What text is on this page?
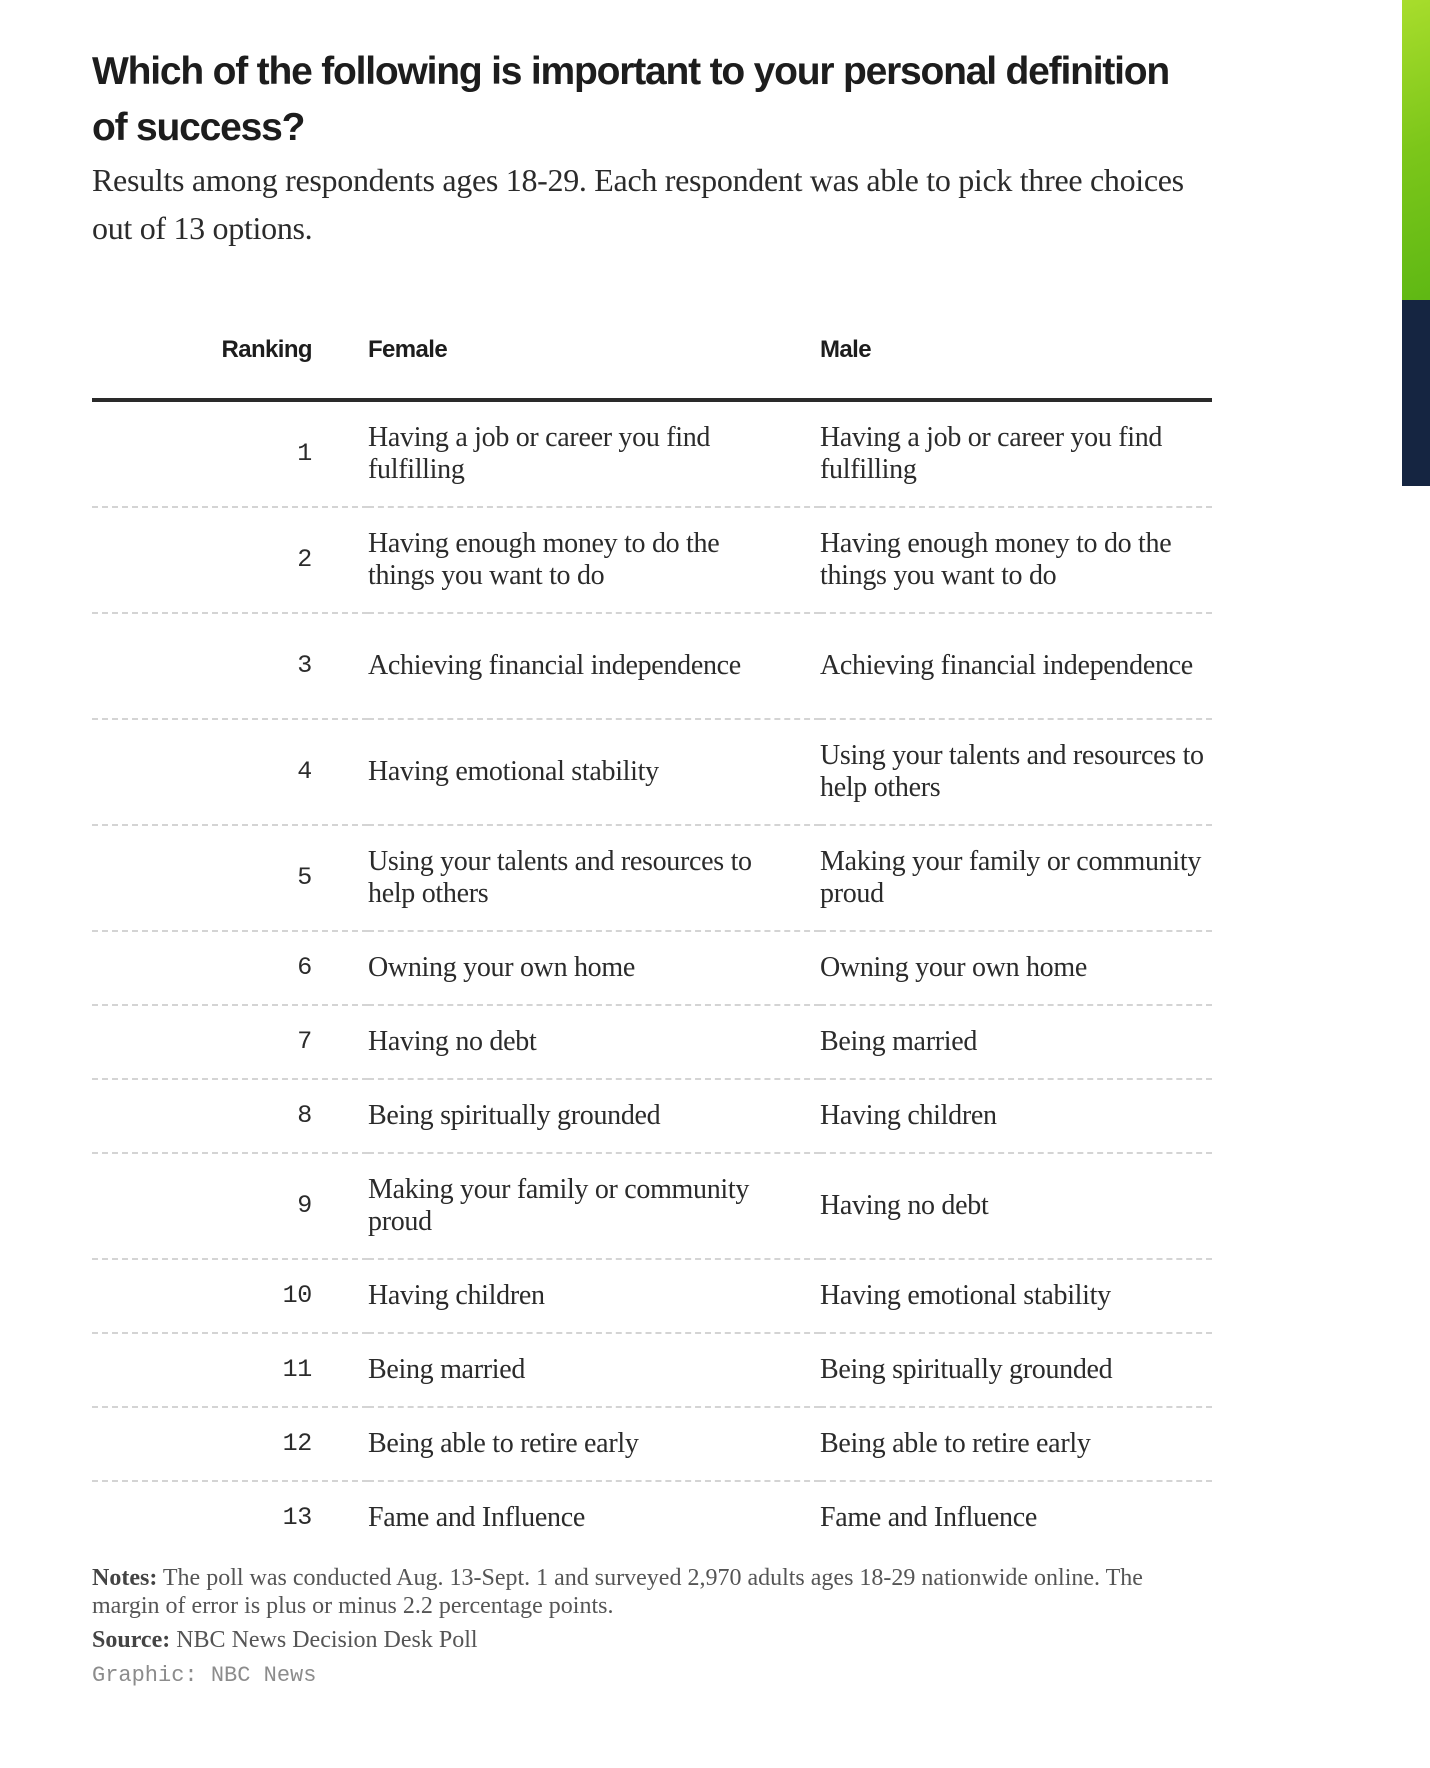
Which of the following is important to your personal definition of success?

Results among respondents ages 18-29. Each respondent was able to pick three choices out of 13 options.

Ranking	Female	Male
1	Having a job or career you find fulfilling	Having a job or career you find fulfilling
2	Having enough money to do the things you want to do	Having enough money to do the things you want to do
3	Achieving financial independence	Achieving financial independence
4	Having emotional stability	Using your talents and resources to help others
5	Using your talents and resources to help others	Making your family or community proud
6	Owning your own home	Owning your own home
7	Having no debt	Being married
8	Being spiritually grounded	Having children
9	Making your family or community proud	Having no debt
10	Having children	Having emotional stability
11	Being married	Being spiritually grounded
12	Being able to retire early	Being able to retire early
13	Fame and Influence	Fame and Influence
Notes: The poll was conducted Aug. 13-Sept. 1 and surveyed 2,970 adults ages 18-29 nationwide online. The margin of error is plus or minus 2.2 percentage points.
Source: NBC News Decision Desk Poll
Graphic: NBC News
